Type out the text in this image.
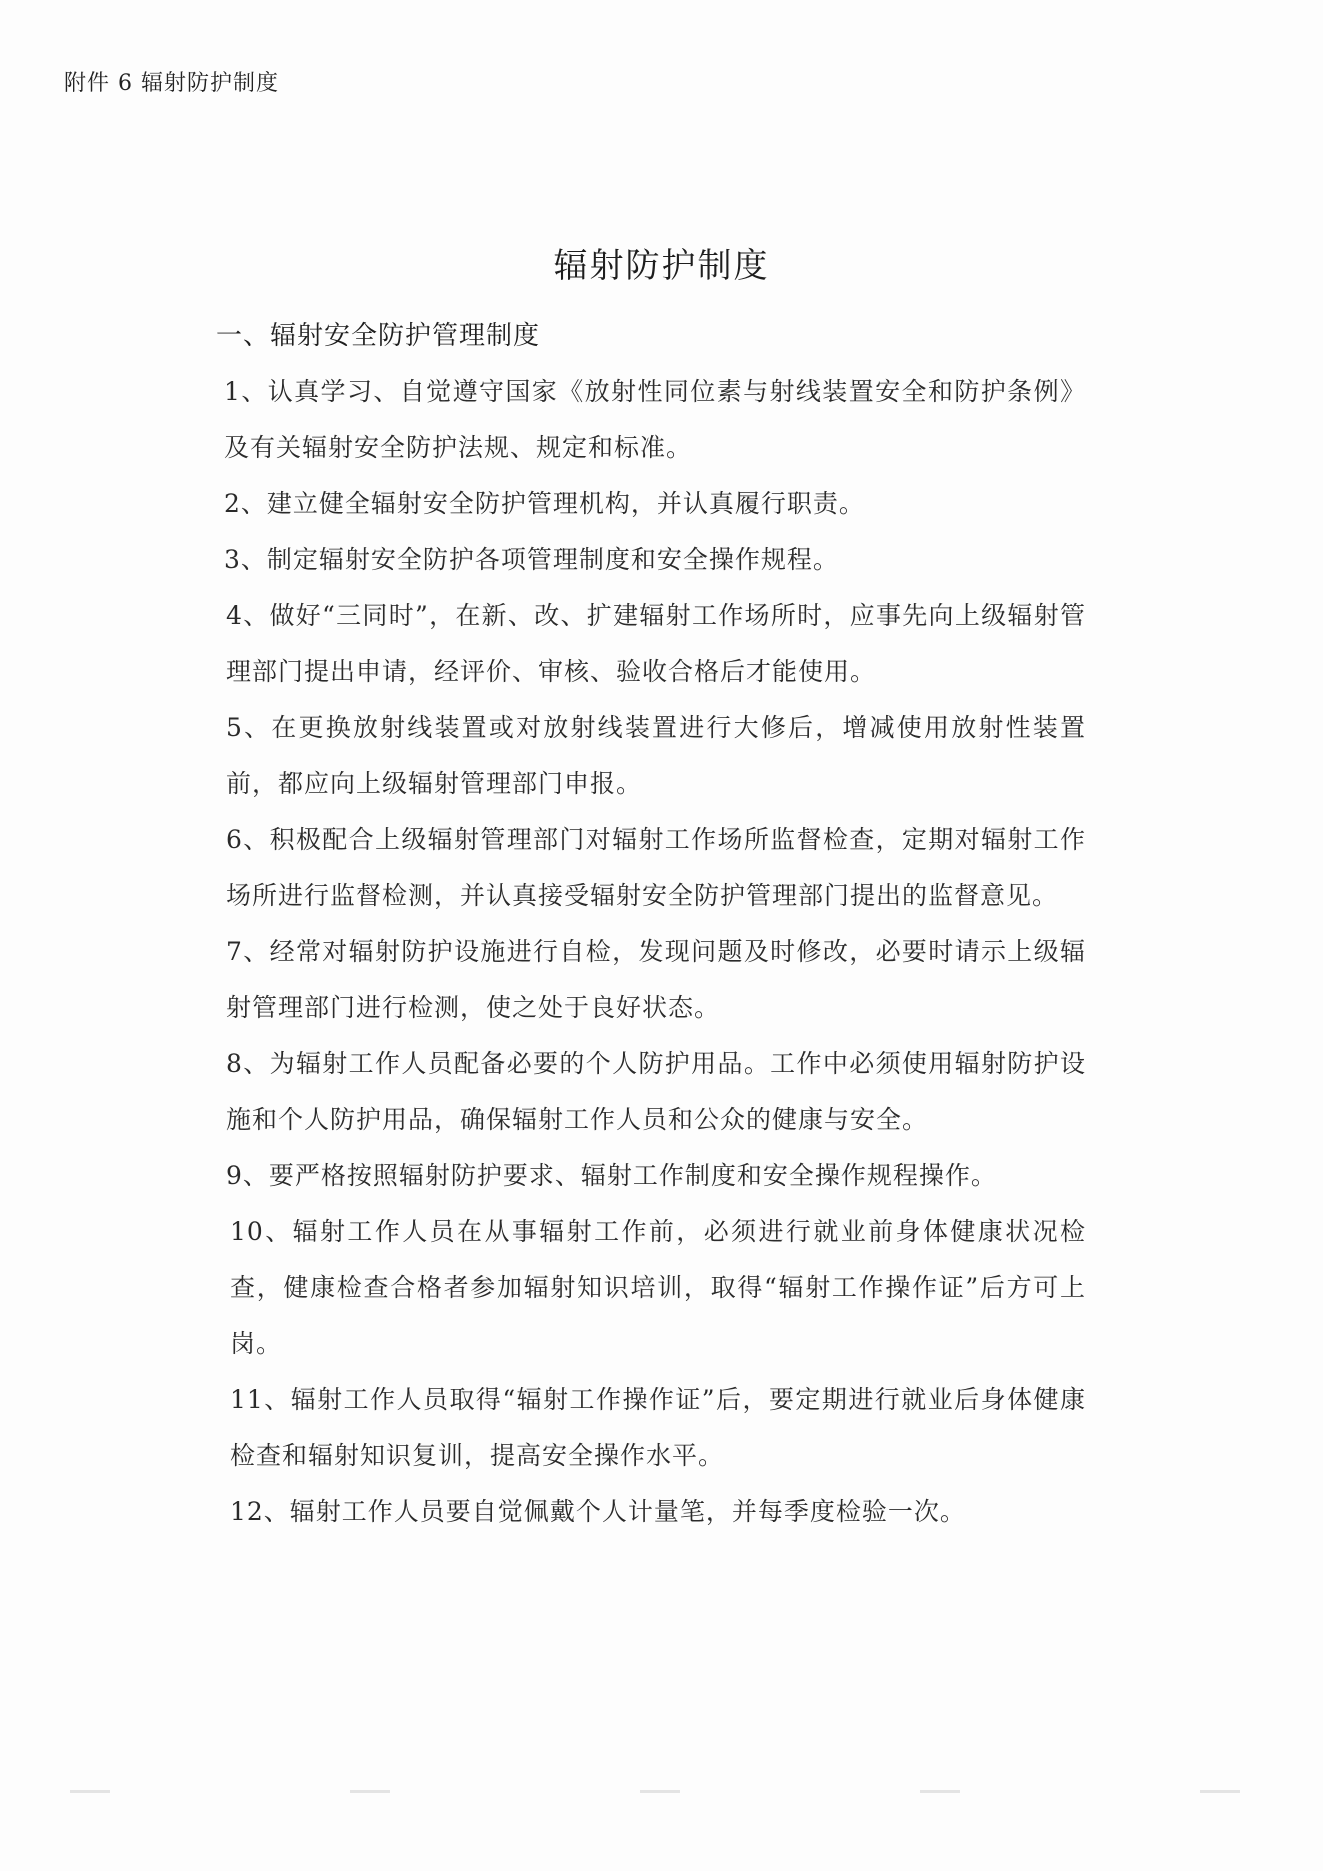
附件 6 辐射防护制度
辐射防护制度

一、辐射安全防护管理制度

1、认真学习、自觉遵守国家《放射性同位素与射线装置安全和防护条例》及有关辐射安全防护法规、规定和标准。
2、建立健全辐射安全防护管理机构，并认真履行职责。
3、制定辐射安全防护各项管理制度和安全操作规程。
4、做好“三同时”，在新、改、扩建辐射工作场所时，应事先向上级辐射管理部门提出申请，经评价、审核、验收合格后才能使用。
5、在更换放射线装置或对放射线装置进行大修后，增减使用放射性装置前，都应向上级辐射管理部门申报。
6、积极配合上级辐射管理部门对辐射工作场所监督检查，定期对辐射工作场所进行监督检测，并认真接受辐射安全防护管理部门提出的监督意见。
7、经常对辐射防护设施进行自检，发现问题及时修改，必要时请示上级辐射管理部门进行检测，使之处于良好状态。
8、为辐射工作人员配备必要的个人防护用品。工作中必须使用辐射防护设施和个人防护用品，确保辐射工作人员和公众的健康与安全。
9、要严格按照辐射防护要求、辐射工作制度和安全操作规程操作。
10、辐射工作人员在从事辐射工作前，必须进行就业前身体健康状况检查，健康检查合格者参加辐射知识培训，取得“辐射工作操作证”后方可上岗。
11、辐射工作人员取得“辐射工作操作证”后，要定期进行就业后身体健康检查和辐射知识复训，提高安全操作水平。
12、辐射工作人员要自觉佩戴个人计量笔，并每季度检验一次。
